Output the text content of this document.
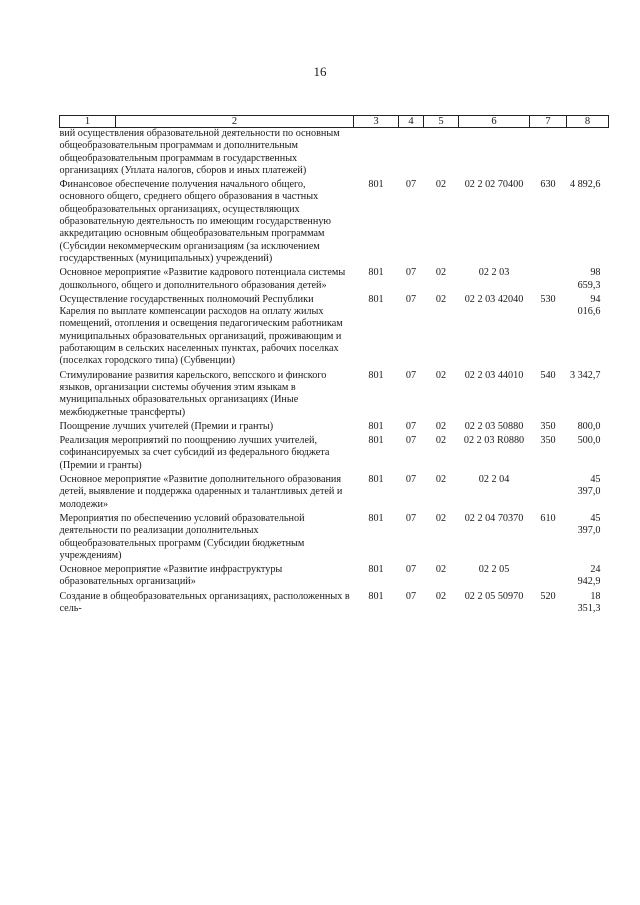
16
1	2	3	4	5	6	7	8
вий осуществления образовательной деятельности по основным общеобразовательным программам и дополнительным общеобразовательным программам в государственных организациях (Уплата налогов, сборов и иных платежей)							
Финансовое обеспечение получения начального общего, основного общего, среднего общего образования в частных общеобразовательных организациях, осуществляющих образовательную деятельность по имеющим государственную аккредитацию основным общеобразовательным программам (Субсидии некоммерческим организациям (за исключением государственных (муниципальных) учреждений)		801	07	02	02 2 02 70400	630	4 892,6
Основное мероприятие «Развитие кадрового потенциала системы дошкольного, общего и дополнительного образования детей»		801	07	02	02 2 03		98 659,3
Осуществление государственных полномочий Республики Карелия по выплате компенсации расходов на оплату жилых помещений, отопления и освещения педагогическим работникам муниципальных образовательных организаций, проживающим и работающим в сельских населенных пунктах, рабочих поселках (поселках городского типа) (Субвенции)		801	07	02	02 2 03 42040	530	94 016,6
Стимулирование развития карельского, вепсского и финского языков, организации системы обучения этим языкам в муниципальных образовательных организациях (Иные межбюджетные трансферты)		801	07	02	02 2 03 44010	540	3 342,7
Поощрение лучших учителей (Премии и гранты)		801	07	02	02 2 03 50880	350	800,0
Реализация мероприятий по поощрению лучших учителей, софинансируемых за счет субсидий из федерального бюджета (Премии и гранты)		801	07	02	02 2 03 R0880	350	500,0
Основное мероприятие «Развитие дополнительного образования детей, выявление и поддержка одаренных и талантливых детей и молодежи»		801	07	02	02 2 04		45 397,0
Мероприятия по обеспечению условий образовательной деятельности по реализации дополнительных общеобразовательных программ (Субсидии бюджетным учреждениям)		801	07	02	02 2 04 70370	610	45 397,0
Основное мероприятие «Развитие инфраструктуры образовательных организаций»		801	07	02	02 2 05		24 942,9
Создание в общеобразовательных организациях, расположенных в сель-		801	07	02	02 2 05 50970	520	18 351,3
